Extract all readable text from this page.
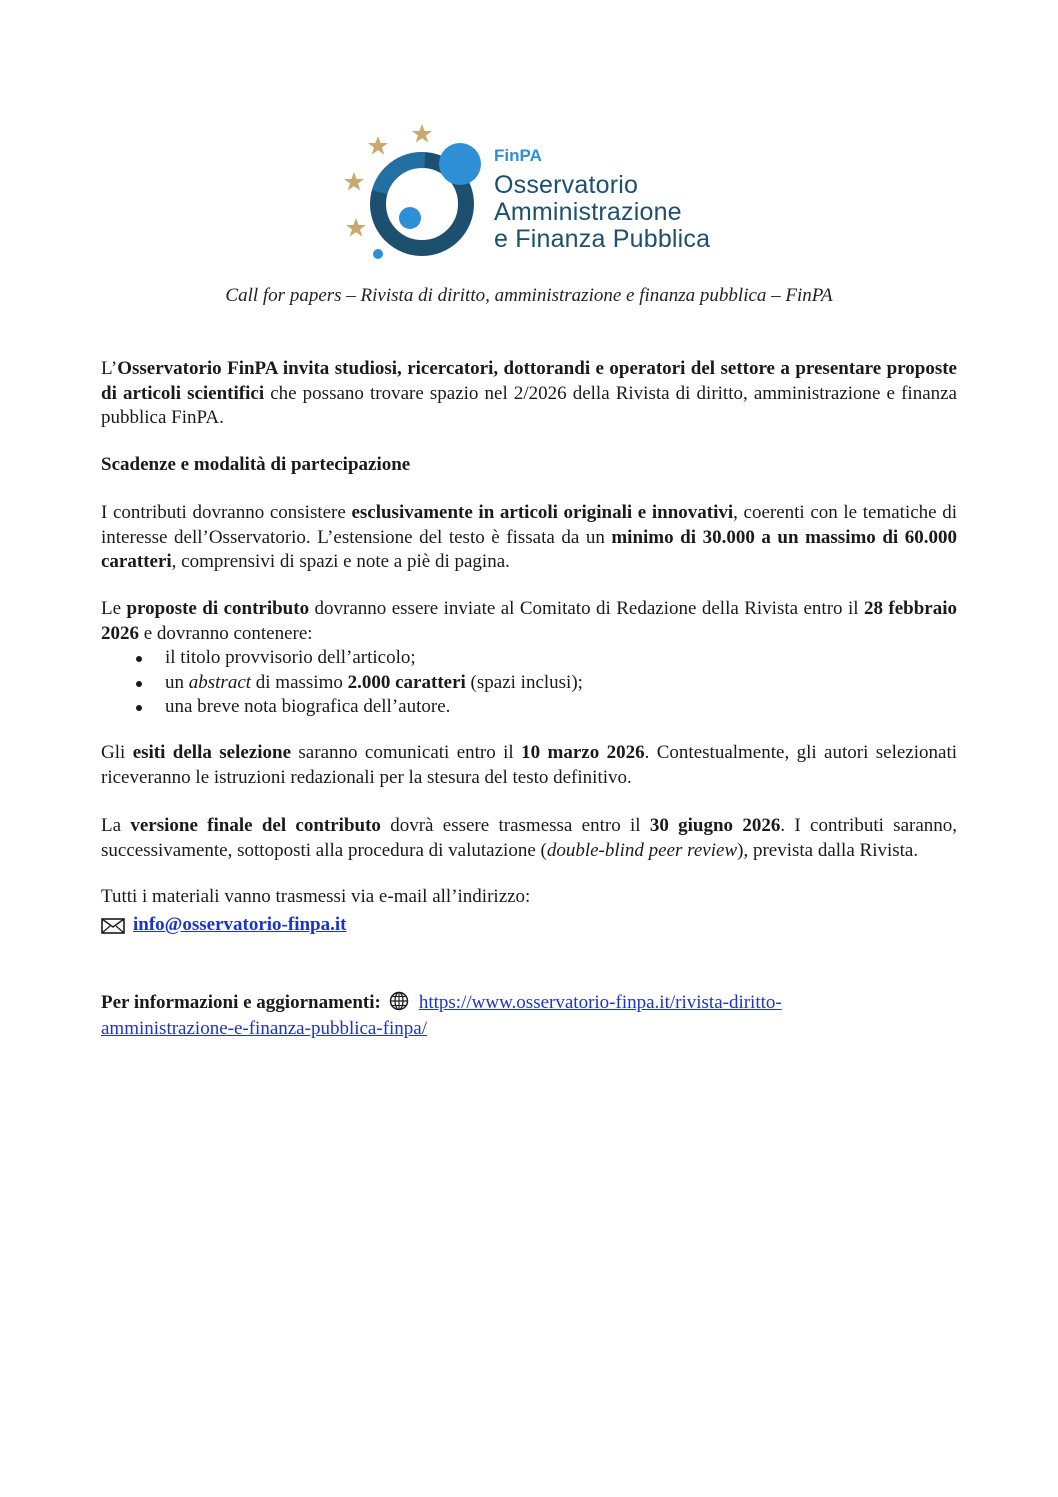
FinPA
Osservatorio
Amministrazione
e Finanza Pubblica
Call for papers – Rivista di diritto, amministrazione e finanza pubblica – FinPA
L’Osservatorio FinPA invita studiosi, ricercatori, dottorandi e operatori del settore a presentare proposte di articoli scientifici che possano trovare spazio nel 2/2026 della Rivista di diritto, amministrazione e finanza pubblica FinPA.
Scadenze e modalità di partecipazione
I contributi dovranno consistere esclusivamente in articoli originali e innovativi, coerenti con le tematiche di interesse dell’Osservatorio. L’estensione del testo è fissata da un minimo di 30.000 a un massimo di 60.000 caratteri, comprensivi di spazi e note a piè di pagina.
Le proposte di contributo dovranno essere inviate al Comitato di Redazione della Rivista entro il 28 febbraio 2026 e dovranno contenere:
il titolo provvisorio dell’articolo;
un abstract di massimo 2.000 caratteri (spazi inclusi);
una breve nota biografica dell’autore.
Gli esiti della selezione saranno comunicati entro il 10 marzo 2026. Contestualmente, gli autori selezionati riceveranno le istruzioni redazionali per la stesura del testo definitivo.
La versione finale del contributo dovrà essere trasmessa entro il 30 giugno 2026. I contributi saranno, successivamente, sottoposti alla procedura di valutazione (double-blind peer review), prevista dalla Rivista.
Tutti i materiali vanno trasmessi via e-mail all’indirizzo:
info@osservatorio-finpa.it
Per informazioni e aggiornamenti: https://www.osservatorio-finpa.it/rivista-diritto-
amministrazione-e-finanza-pubblica-finpa/
